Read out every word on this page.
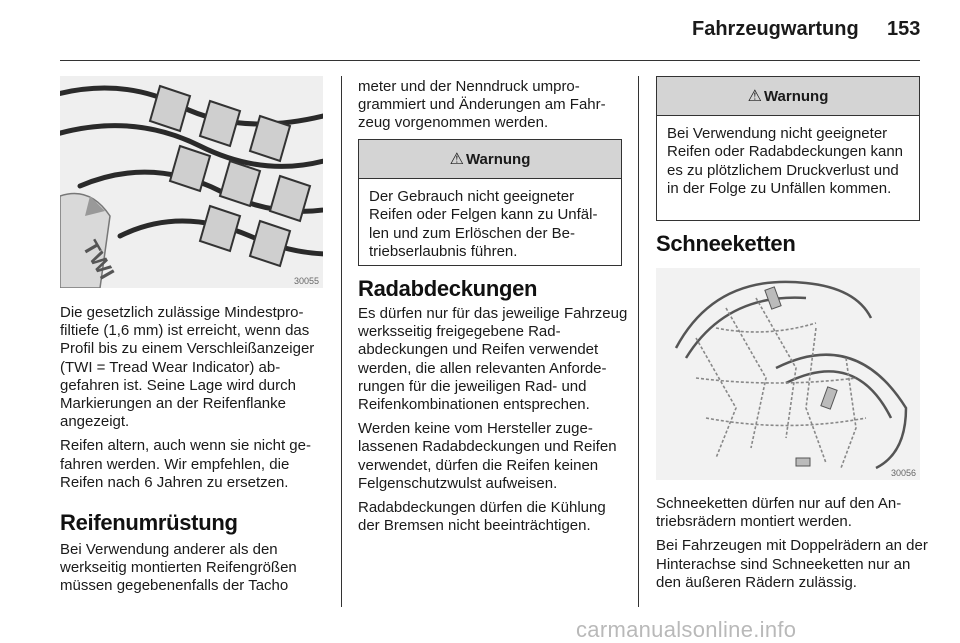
Fahrzeugwartung 153
TWI	30055

Die gesetzlich zulässige Mindestprofiltiefe (1,6 mm) ist erreicht, wenn das Profil bis zu einem Verschleißanzeiger (TWI = Tread Wear Indicator) abgefahren ist. Seine Lage wird durch Markierungen an der Reifenflanke angezeigt.

Reifen altern, auch wenn sie nicht gefahren werden. Wir empfehlen, die Reifen nach 6 Jahren zu ersetzen.

Reifenumrüstung

Bei Verwendung anderer als den werkseitig montierten Reifengrößen müssen gegebenenfalls der Tacho

meter und der Nenndruck umprogrammiert und Änderungen am Fahrzeug vorgenommen werden.

⚠ Warnung
Der Gebrauch nicht geeigneter Reifen oder Felgen kann zu Unfällen und zum Erlöschen der Betriebserlaubnis führen.
Radabdeckungen

Es dürfen nur für das jeweilige Fahrzeug werksseitig freigegebene Radabdeckungen und Reifen verwendet werden, die allen relevanten Anforderungen für die jeweiligen Rad- und Reifenkombinationen entsprechen.

Werden keine vom Hersteller zugelassenen Radabdeckungen und Reifen verwendet, dürfen die Reifen keinen Felgenschutzwulst aufweisen.

Radabdeckungen dürfen die Kühlung der Bremsen nicht beeinträchtigen.

⚠ Warnung
Bei Verwendung nicht geeigneter Reifen oder Radabdeckungen kann es zu plötzlichem Druckverlust und in der Folge zu Unfällen kommen.
Schneeketten
30056

Schneeketten dürfen nur auf den Antriebsrädern montiert werden.

Bei Fahrzeugen mit Doppelrädern an der Hinterachse sind Schneeketten nur an den äußeren Rädern zulässig.

carmanualsonline.info
